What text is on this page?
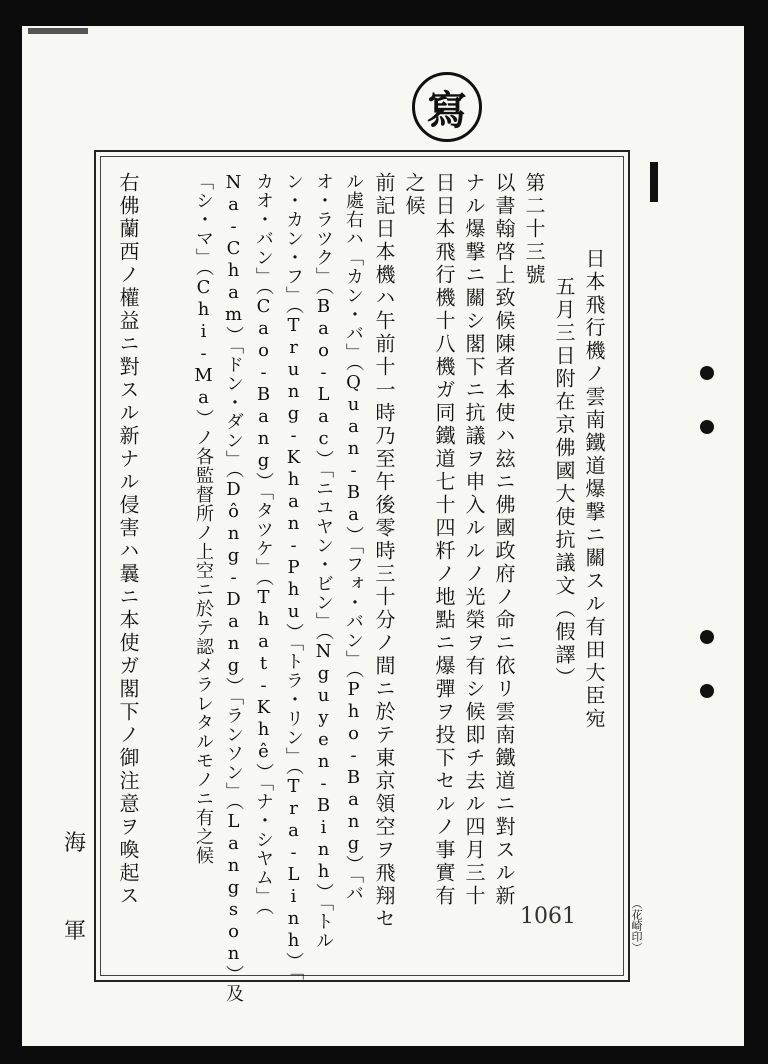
寫
日本飛行機ノ雲南鐵道爆撃ニ關スル有田大臣宛
五月三日附在京佛國大使抗議文（假譯）
第二十三號
以書翰啓上致候陳者本使ハ玆ニ佛國政府ノ命ニ依リ雲南鐵道ニ對スル新
ナル爆撃ニ關シ閣下ニ抗議ヲ申入ルルノ光榮ヲ有シ候即チ去ル四月三十
日日本飛行機十八機ガ同鐵道七十四粁ノ地點ニ爆彈ヲ投下セルノ事實有
之候
前記日本機ハ午前十一時乃至午後零時三十分ノ間ニ於テ東京領空ヲ飛翔セ
ル處右ハ「カン・バ」（Quan-Ba）「フォ・バン」（Pho-Bang）「バ
オ・ラツク」（Bao-Lac）「ニユヤン・ビン」（Nguyen-Binh）「トル
ン・カン・フ」（Trung-Khan-Phu）「トラ・リン」（Tra-Linh）「
カオ・バン」（Cao-Bang）「タツケ」（That-Khê）「ナ・シヤム」（
Na-Cham）「ドン・ダン」（Dông-Dang）「ランソン」（Langson）及
「シ・マ」（Chi-Ma）ノ各監督所ノ上空ニ於テ認メラレタルモノニ有之候
右佛蘭西ノ權益ニ對スル新ナル侵害ハ曩ニ本使ガ閣下ノ御注意ヲ喚起ス
1061	（花崎印）
海
軍
